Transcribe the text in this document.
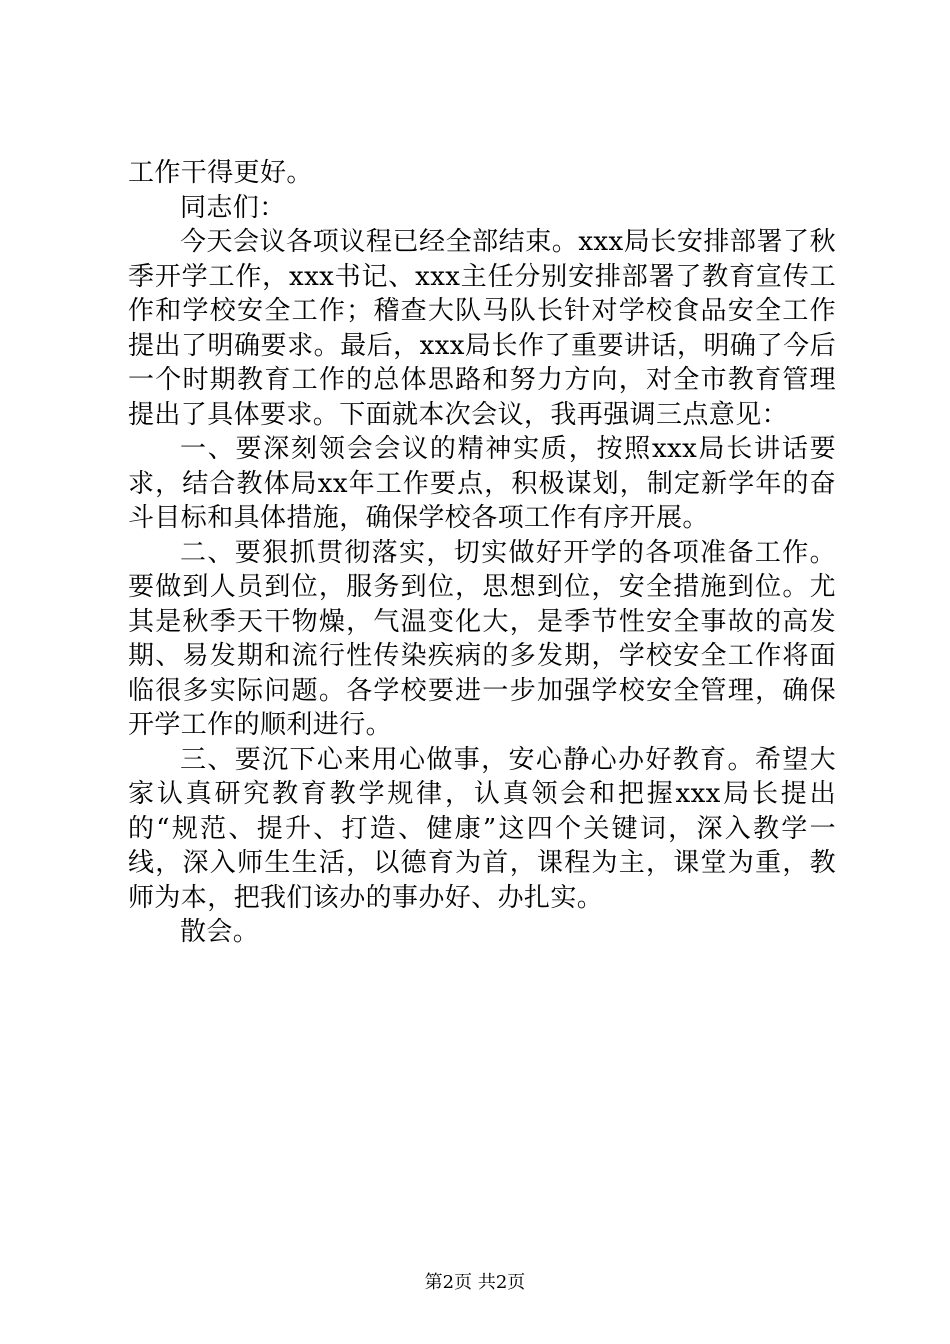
工作干得更好。

同志们：

今天会议各项议程已经全部结束。xxx局长安排部署了秋季开学工作，xxx书记、xxx主任分别安排部署了教育宣传工作和学校安全工作；稽查大队马队长针对学校食品安全工作提出了明确要求。最后，xxx局长作了重要讲话，明确了今后一个时期教育工作的总体思路和努力方向，对全市教育管理提出了具体要求。下面就本次会议，我再强调三点意见：

一、要深刻领会会议的精神实质，按照xxx局长讲话要求，结合教体局xx年工作要点，积极谋划，制定新学年的奋斗目标和具体措施，确保学校各项工作有序开展。

二、要狠抓贯彻落实，切实做好开学的各项准备工作。要做到人员到位，服务到位，思想到位，安全措施到位。尤其是秋季天干物燥，气温变化大，是季节性安全事故的高发期、易发期和流行性传染疾病的多发期，学校安全工作将面临很多实际问题。各学校要进一步加强学校安全管理，确保开学工作的顺利进行。

三、要沉下心来用心做事，安心静心办好教育。希望大家认真研究教育教学规律，认真领会和把握xxx局长提出的“规范、提升、打造、健康”这四个关键词，深入教学一线，深入师生生活，以德育为首，课程为主，课堂为重，教师为本，把我们该办的事办好、办扎实。

散会。

第2页 共2页
